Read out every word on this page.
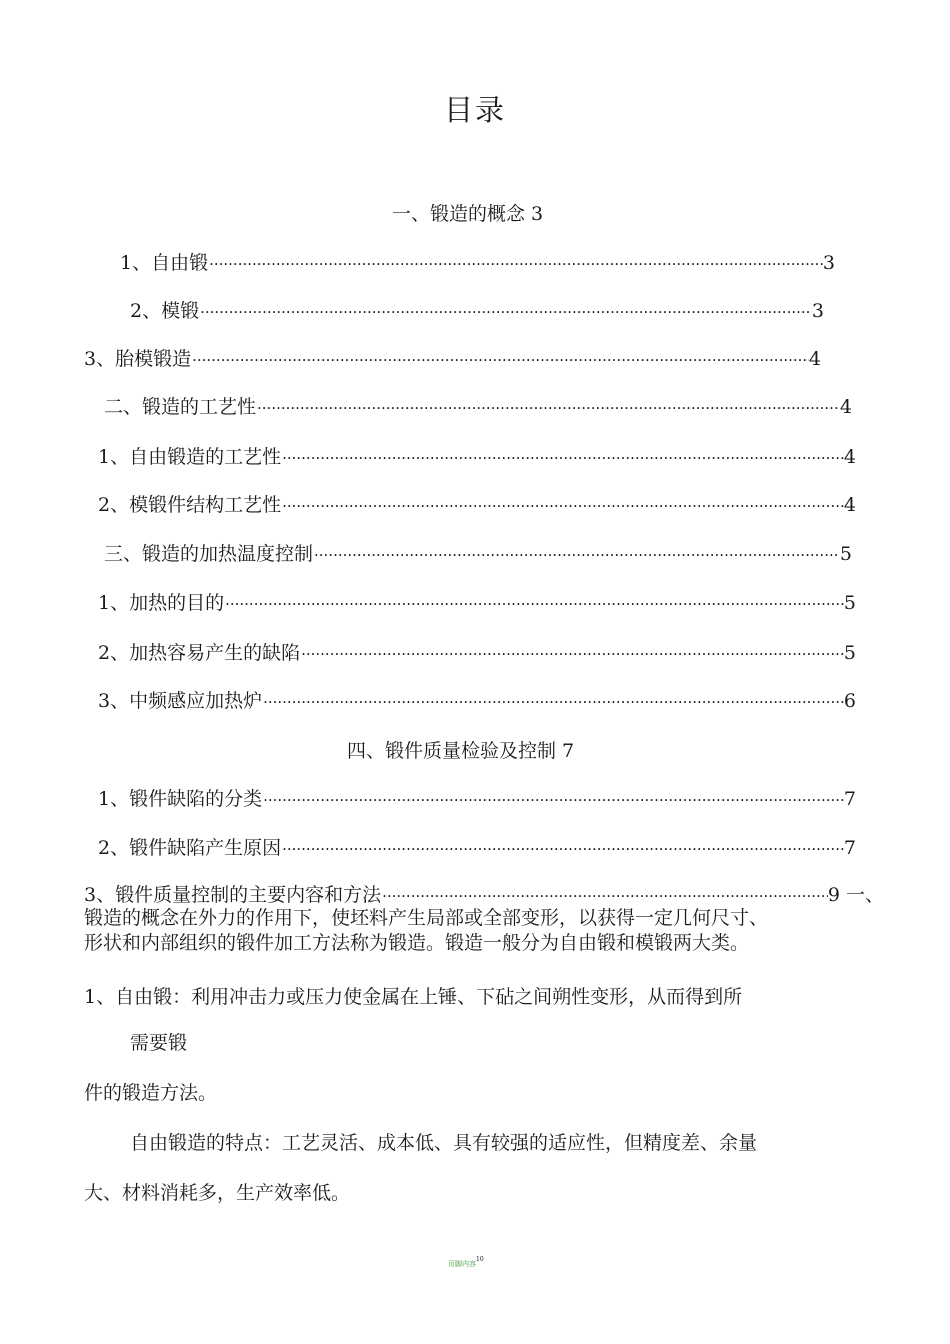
目录
一、锻造的概念 3
1、自由锻 ·····	3
2、模锻 ·····	3
3、胎模锻造 ·····	4
二、锻造的工艺性 ·····	4
1、自由锻造的工艺性 ·····	4
2、模锻件结构工艺性 ·····	4
三、锻造的加热温度控制 ·····	5
1、加热的目的 ·····	5
2、加热容易产生的缺陷 ·····	5
3、中频感应加热炉 ·····	6
四、锻件质量检验及控制 7
1、锻件缺陷的分类 ·····	7
2、锻件缺陷产生原因 ·····	7
3、锻件质量控制的主要内容和方法 ·····	9 一、
锻造的概念在外力的作用下，使坯料产生局部或全部变形，以获得一定几何尺寸、
形状和内部组织的锻件加工方法称为锻造。锻造一般分为自由锻和模锻两大类。
1、自由锻：利用冲击力或压力使金属在上锤、下砧之间朔性变形，从而得到所
需要锻
件的锻造方法。
自由锻造的特点：工艺灵活、成本低、具有较强的适应性，但精度差、余量
大、材料消耗多，生产效率低。
页脚内容$^{10}$
